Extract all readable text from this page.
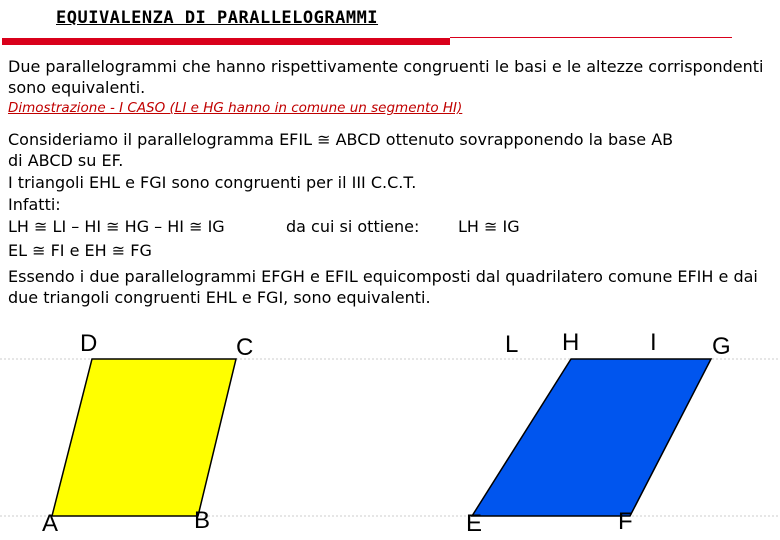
EQUIVALENZA DI PARALLELOGRAMMI

Due parallelogrammi che hanno rispettivamente congruenti le basi e le altezze corrispondenti sono equivalenti.

Dimostrazione - I CASO (LI e HG hanno in comune un segmento HI)

Consideriamo il parallelogramma EFIL ≅ ABCD ottenuto sovrapponendo la base AB

di ABCD su EF.

I triangoli EHL e FGI sono congruenti per il III C.C.T.

Infatti:

LH ≅ LI – HI ≅ HG – HI ≅ IG	da cui si ottiene: LH ≅ IG

EL ≅ FI e EH ≅ FG

Essendo i due parallelogrammi EFGH e EFIL equicomposti dal quadrilatero comune EFIH e dai due triangoli congruenti EHL e FGI, sono equivalenti.

D	C
A	B
L H	I G
E	F
